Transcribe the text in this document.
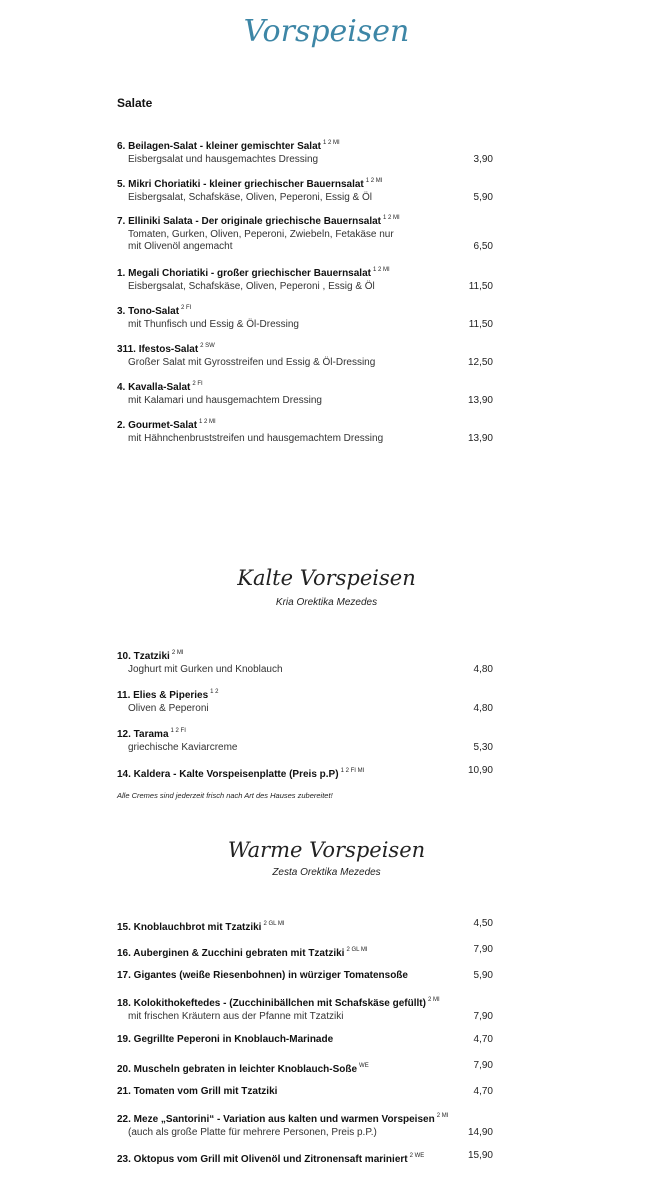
Vorspeisen
Salate
6. Beilagen-Salat - kleiner gemischter Salat $^{1 2 MI}$
Eisbergsalat und hausgemachtes Dressing	3,90
5. Mikri Choriatiki - kleiner griechischer Bauernsalat $^{1 2 MI}$
Eisbergsalat, Schafskäse, Oliven, Peperoni, Essig & Öl	5,90
7. Elliniki Salata - Der originale griechische Bauernsalat $^{1 2 MI}$
Tomaten, Gurken, Oliven, Peperoni, Zwiebeln, Fetakäse nur
mit Olivenöl angemacht	6,50
1. Megali Choriatiki - großer griechischer Bauernsalat $^{1 2 MI}$
Eisbergsalat, Schafskäse, Oliven, Peperoni , Essig & Öl	11,50
3. Tono-Salat $^{2 FI}$
mit Thunfisch und Essig & Öl-Dressing	11,50
311. Ifestos-Salat $^{2 SW}$
Großer Salat mit Gyrosstreifen und Essig & Öl-Dressing	12,50
4. Kavalla-Salat $^{2 FI}$
mit Kalamari und hausgemachtem Dressing	13,90
2. Gourmet-Salat $^{1 2 MI}$
mit Hähnchenbruststreifen und hausgemachtem Dressing	13,90
Kalte Vorspeisen
Kria Orektika Mezedes
10. Tzatziki $^{2 MI}$
Joghurt mit Gurken und Knoblauch	4,80
11. Elies & Piperies $^{1 2}$
Oliven & Peperoni	4,80
12. Tarama $^{1 2 FI}$
griechische Kaviarcreme	5,30
14. Kaldera - Kalte Vorspeisenplatte (Preis p.P) $^{1 2 FI MI}$	10,90
Alle Cremes sind jederzeit frisch nach Art des Hauses zubereitet!
Warme Vorspeisen
Zesta Orektika Mezedes
15. Knoblauchbrot mit Tzatziki $^{2 GL MI}$	4,50
16. Auberginen & Zucchini gebraten mit Tzatziki $^{2 GL MI}$	7,90
17. Gigantes (weiße Riesenbohnen) in würziger Tomatensoße	5,90
18. Kolokithokeftedes - (Zucchinibällchen mit Schafskäse gefüllt) $^{2 MI}$
mit frischen Kräutern aus der Pfanne mit Tzatziki	7,90
19. Gegrillte Peperoni in Knoblauch-Marinade	4,70
20. Muscheln gebraten in leichter Knoblauch-Soße $^{WE}$	7,90
21. Tomaten vom Grill mit Tzatziki	4,70
22. Meze „Santorini“ - Variation aus kalten und warmen Vorspeisen $^{2 MI}$
(auch als große Platte für mehrere Personen, Preis p.P.)	14,90
23. Oktopus vom Grill mit Olivenöl und Zitronensaft mariniert $^{2 WE}$	15,90
